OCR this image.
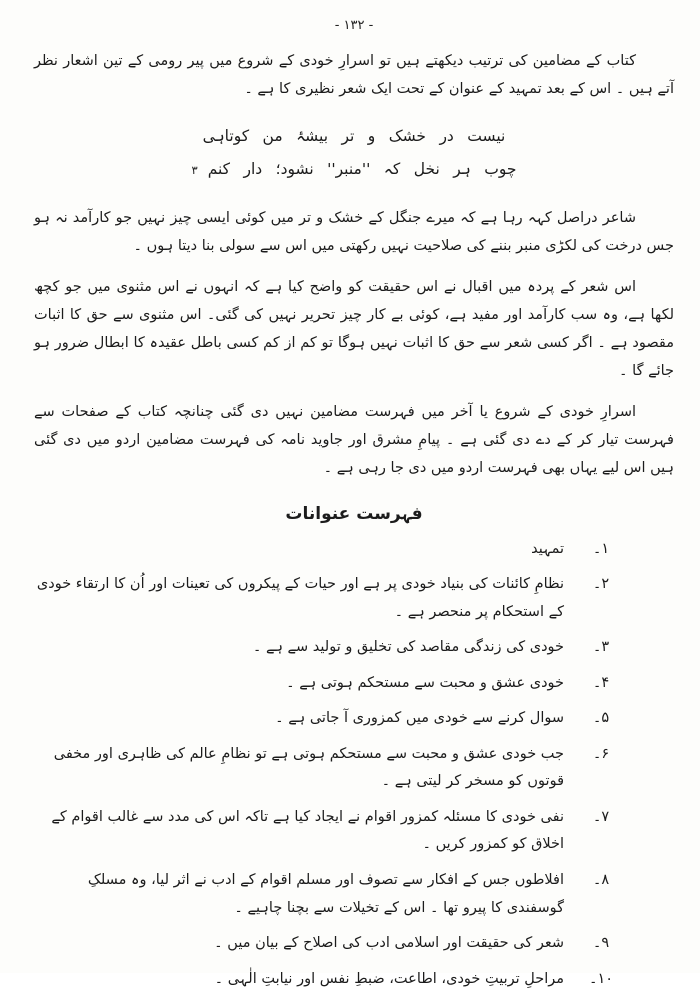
- ۱۳۲ -

کتاب کے مضامین کی ترتیب دیکھتے ہیں تو اسرارِ خودی کے شروع میں پیر رومی کے تین اشعار نظر آتے ہیں ۔ اس کے بعد تمہید کے عنوان کے تحت ایک شعر نظیری کا ہے ۔

نیست در خشک و تر بیشۂ من کوتاہی
چوب ہر نخل کہ ''منبر'' نشود؛ دار کنم۳

شاعر دراصل کہہ رہا ہے کہ میرے جنگل کے خشک و تر میں کوئی ایسی چیز نہیں جو کارآمد نہ ہو جس درخت کی لکڑی منبر بننے کی صلاحیت نہیں رکھتی میں اس سے سولی بنا دیتا ہوں ۔

اس شعر کے پردہ میں اقبال نے اس حقیقت کو واضح کیا ہے کہ انہوں نے اس مثنوی میں جو کچھ لکھا ہے، وہ سب کارآمد اور مفید ہے، کوئی بے کار چیز تحریر نہیں کی گئی۔ اس مثنوی سے حق کا اثبات مقصود ہے ۔ اگر کسی شعر سے حق کا اثبات نہیں ہوگا تو کم از کم کسی باطل عقیدہ کا ابطال ضرور ہو جائے گا ۔

اسرارِ خودی کے شروع یا آخر میں فہرست مضامین نہیں دی گئی چنانچہ کتاب کے صفحات سے فہرست تیار کر کے دے دی گئی ہے ۔ پیامِ مشرق اور جاوید نامہ کی فہرست مضامین اردو میں دی گئی ہیں اس لیے یہاں بھی فہرست اردو میں دی جا رہی ہے ۔

فہرست عنوانات
۱۔
تمہید
۲۔
نظامِ کائنات کی بنیاد خودی پر ہے اور حیات کے پیکروں کی تعینات اور اُن کا ارتقاء خودی کے استحکام پر منحصر ہے ۔
۳۔
خودی کی زندگی مقاصد کی تخلیق و تولید سے ہے ۔
۴۔
خودی عشق و محبت سے مستحکم ہوتی ہے ۔
۵۔
سوال کرنے سے خودی میں کمزوری آ جاتی ہے ۔
۶۔
جب خودی عشق و محبت سے مستحکم ہوتی ہے تو نظامِ عالم کی ظاہری اور مخفی قوتوں کو مسخر کر لیتی ہے ۔
۷۔
نفی خودی کا مسئلہ کمزور اقوام نے ایجاد کیا ہے تاکہ اس کی مدد سے غالب اقوام کے اخلاق کو کمزور کریں ۔
۸۔
افلاطوں جس کے افکار سے تصوف اور مسلم اقوام کے ادب نے اثر لیا، وہ مسلکِ گوسفندی کا پیرو تھا ۔ اس کے تخیلات سے بچنا چاہیے ۔
۹۔
شعر کی حقیقت اور اسلامی ادب کی اصلاح کے بیان میں ۔
۱۰۔
مراحلِ تربیتِ خودی، اطاعت، ضبطِ نفس اور نیابتِ الٰہی ۔
